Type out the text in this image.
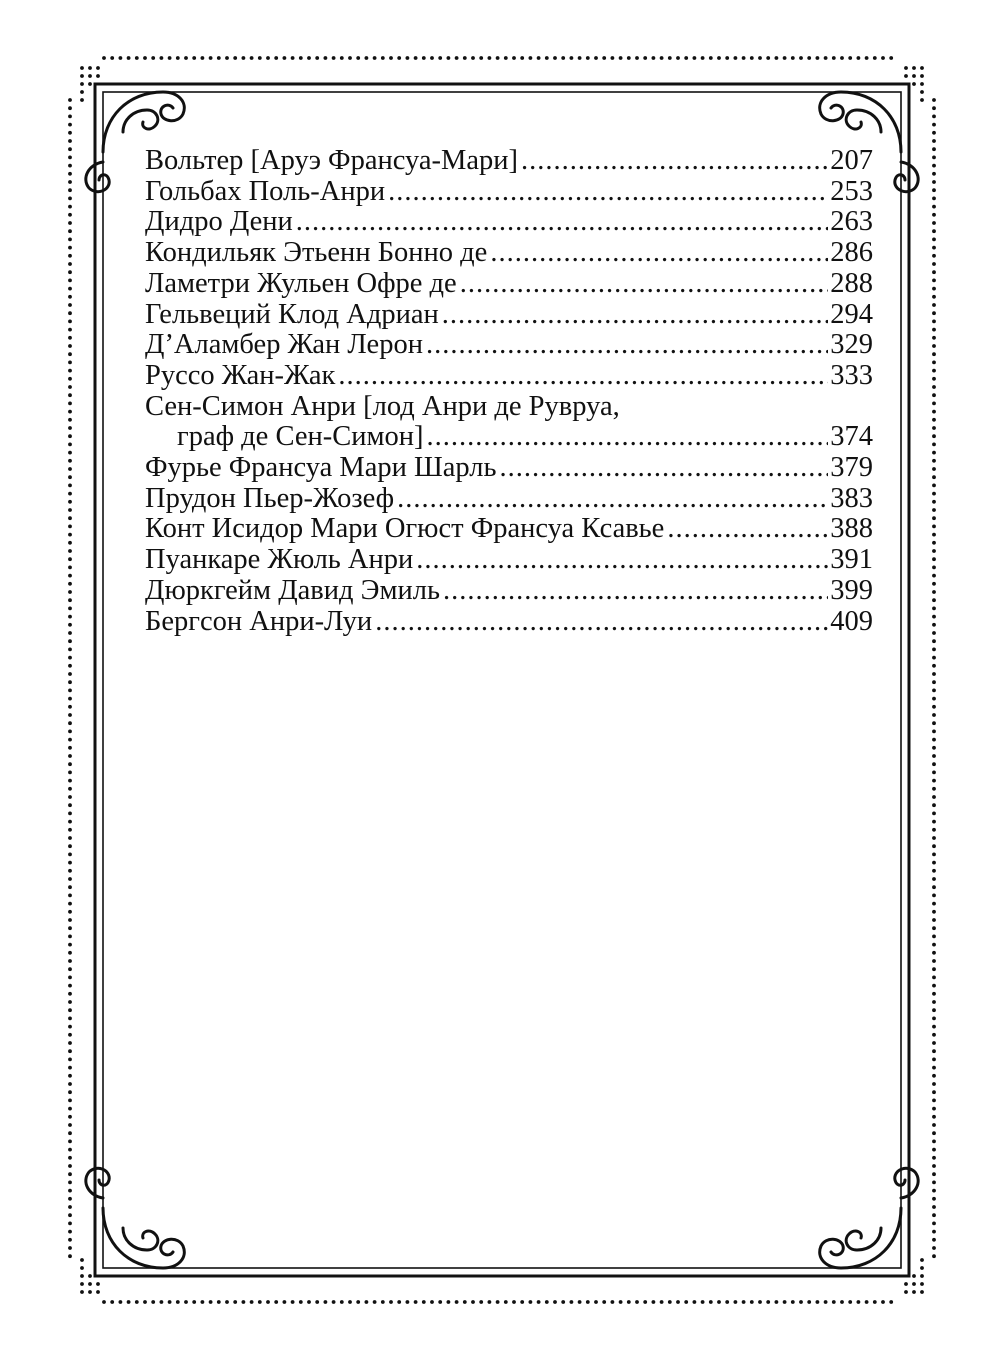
Вольтер [Аруэ Франсуа-Мари] .....	207
Гольбах Поль-Анри .....	253
Дидро Дени .....	263
Кондильяк Этьенн Бонно де .....	286
Ламетри Жульен Офре де .....	288
Гельвеций Клод Адриан .....	294
Д’Аламбер Жан Лерон .....	329
Руссо Жан-Жак .....	333
Сен-Симон Анри [лод Анри де Рувруа,
граф де Сен-Симон] .....	374
Фурье Франсуа Мари Шарль .....	379
Прудон Пьер-Жозеф .....	383
Конт Исидор Мари Огюст Франсуа Ксавье .....	388
Пуанкаре Жюль Анри .....	391
Дюркгейм Давид Эмиль .....	399
Бергсон Анри-Луи .....	409
